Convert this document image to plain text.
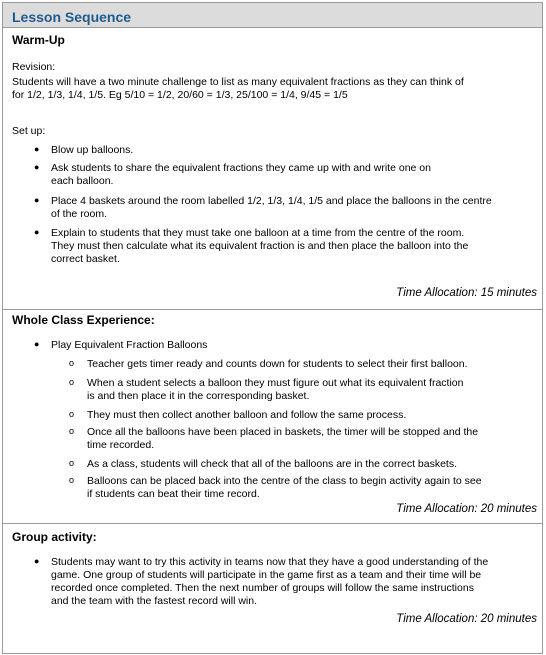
Lesson Sequence
Warm-Up
Revision:
Students will have a two minute challenge to list as many equivalent fractions as they can think of for 1/2, 1/3, 1/4, 1/5. Eg 5/10 = 1/2, 20/60 = 1/3, 25/100 = 1/4, 9/45 = 1/5
Set up:
● Blow up balloons.
● Ask students to share the equivalent fractions they came up with and write one on each balloon.
● Place 4 baskets around the room labelled 1/2, 1/3, 1/4, 1/5 and place the balloons in the centre of the room.
● Explain to students that they must take one balloon at a time from the centre of the room. They must then calculate what its equivalent fraction is and then place the balloon into the correct basket.
Time Allocation: 15 minutes
Whole Class Experience:
● Play Equivalent Fraction Balloons
o Teacher gets timer ready and counts down for students to select their first balloon.
o When a student selects a balloon they must figure out what its equivalent fraction is and then place it in the corresponding basket.
o They must then collect another balloon and follow the same process.
o Once all the balloons have been placed in baskets, the timer will be stopped and the time recorded.
o As a class, students will check that all of the balloons are in the correct baskets.
o Balloons can be placed back into the centre of the class to begin activity again to see if students can beat their time record.
Time Allocation: 20 minutes
Group activity:
● Students may want to try this activity in teams now that they have a good understanding of the game. One group of students will participate in the game first as a team and their time will be recorded once completed. Then the next number of groups will follow the same instructions and the team with the fastest record will win.
Time Allocation: 20 minutes
